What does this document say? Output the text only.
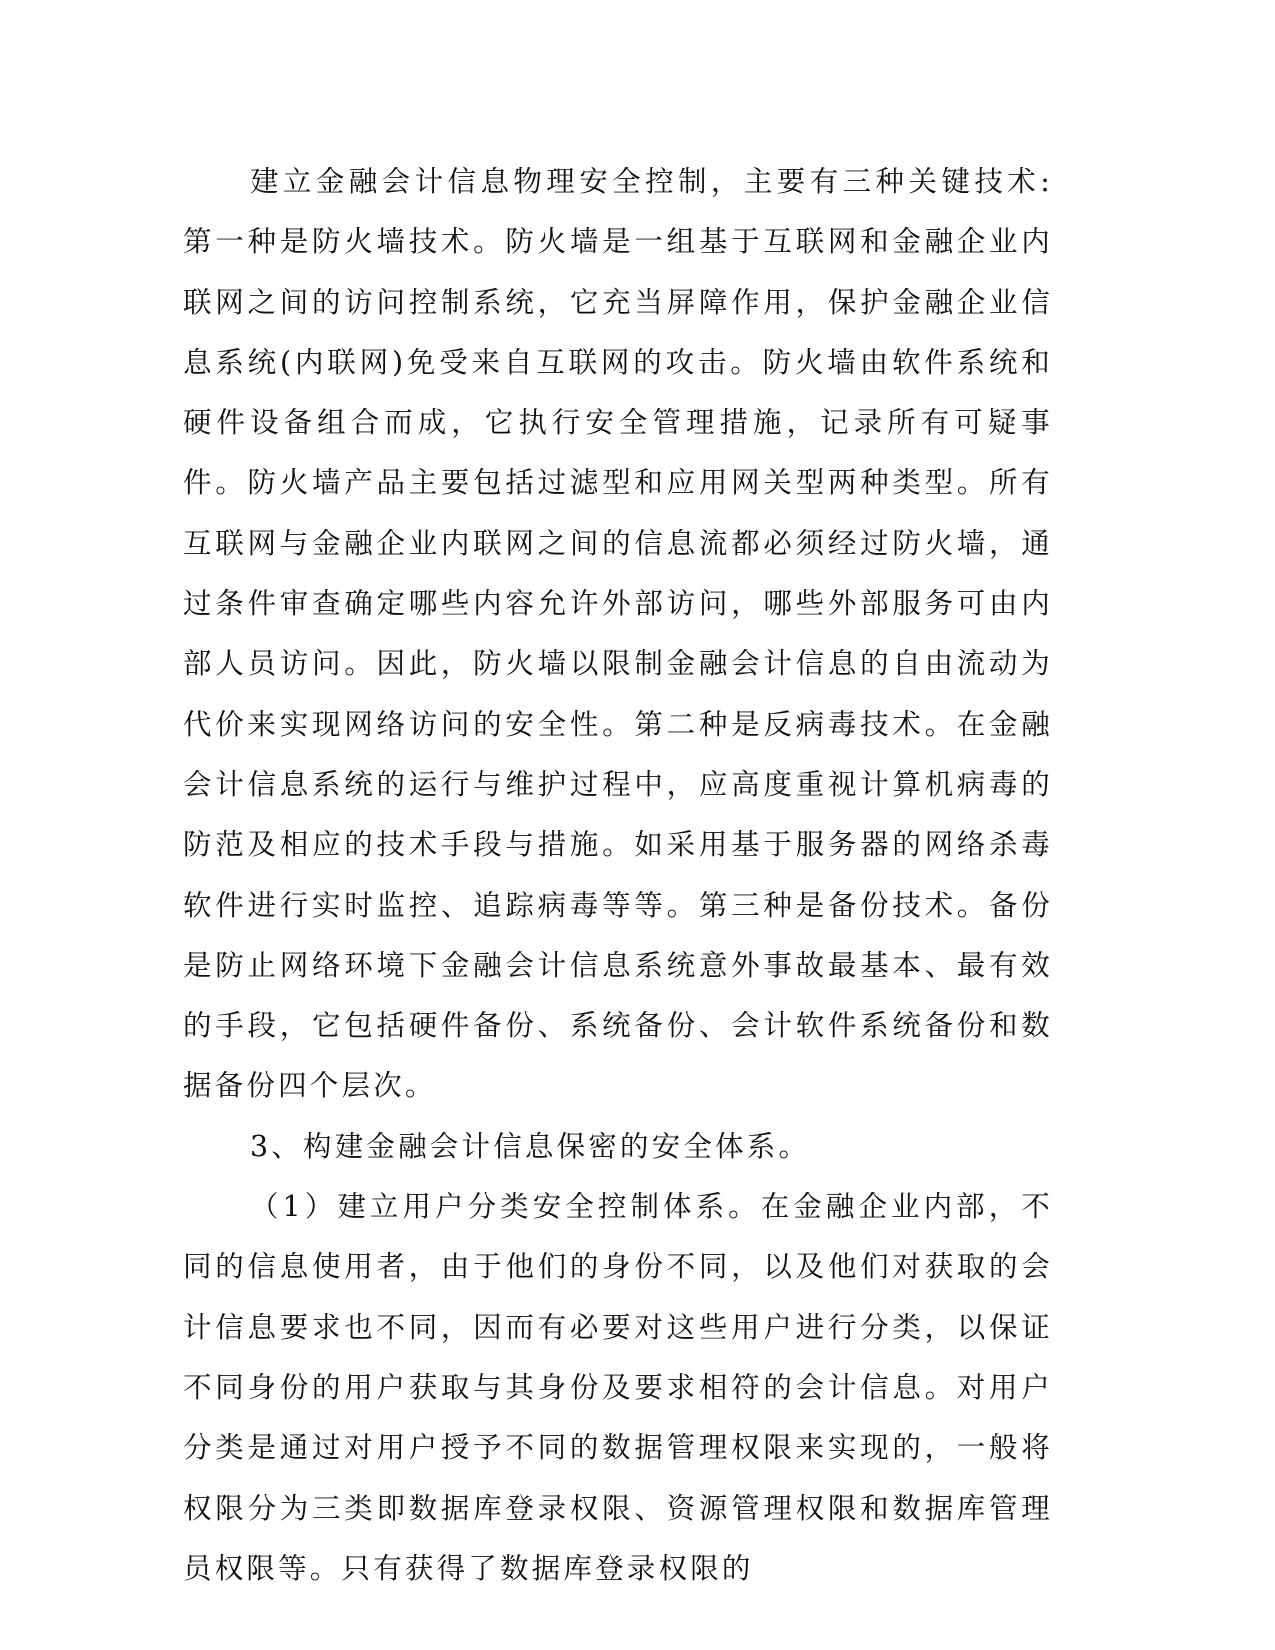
建立金融会计信息物理安全控制，主要有三种关键技术:第一种是防火墙技术。防火墙是一组基于互联网和金融企业内联网之间的访问控制系统，它充当屏障作用，保护金融企业信息系统(内联网)免受来自互联网的攻击。防火墙由软件系统和硬件设备组合而成，它执行安全管理措施，记录所有可疑事件。防火墙产品主要包括过滤型和应用网关型两种类型。所有互联网与金融企业内联网之间的信息流都必须经过防火墙，通过条件审查确定哪些内容允许外部访问，哪些外部服务可由内部人员访问。因此，防火墙以限制金融会计信息的自由流动为代价来实现网络访问的安全性。第二种是反病毒技术。在金融会计信息系统的运行与维护过程中，应高度重视计算机病毒的防范及相应的技术手段与措施。如采用基于服务器的网络杀毒软件进行实时监控、追踪病毒等等。第三种是备份技术。备份是防止网络环境下金融会计信息系统意外事故最基本、最有效的手段，它包括硬件备份、系统备份、会计软件系统备份和数据备份四个层次。

3、构建金融会计信息保密的安全体系。

（1）建立用户分类安全控制体系。在金融企业内部，不同的信息使用者，由于他们的身份不同，以及他们对获取的会计信息要求也不同，因而有必要对这些用户进行分类，以保证不同身份的用户获取与其身份及要求相符的会计信息。对用户分类是通过对用户授予不同的数据管理权限来实现的，一般将权限分为三类即数据库登录权限、资源管理权限和数据库管理员权限等。只有获得了数据库登录权限的
